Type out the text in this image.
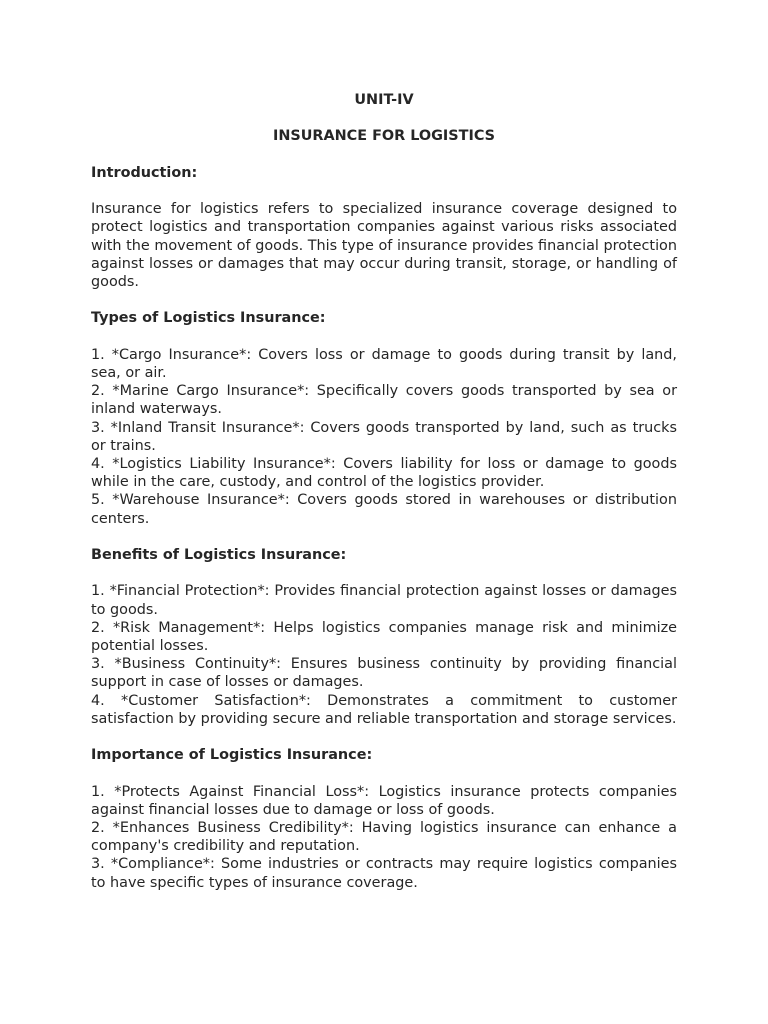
UNIT-IV

INSURANCE FOR LOGISTICS

Introduction:

Insurance for logistics refers to specialized insurance coverage designed to protect logistics and transportation companies against various risks associated with the movement of goods. This type of insurance provides financial protection against losses or damages that may occur during transit, storage, or handling of goods.

Types of Logistics Insurance:

1. *Cargo Insurance*: Covers loss or damage to goods during transit by land, sea, or air.
2. *Marine Cargo Insurance*: Specifically covers goods transported by sea or inland waterways.
3. *Inland Transit Insurance*: Covers goods transported by land, such as trucks or trains.
4. *Logistics Liability Insurance*: Covers liability for loss or damage to goods while in the care, custody, and control of the logistics provider.
5. *Warehouse Insurance*: Covers goods stored in warehouses or distribution centers.

Benefits of Logistics Insurance:

1. *Financial Protection*: Provides financial protection against losses or damages to goods.
2. *Risk Management*: Helps logistics companies manage risk and minimize potential losses.
3. *Business Continuity*: Ensures business continuity by providing financial support in case of losses or damages.
4. *Customer Satisfaction*: Demonstrates a commitment to customer satisfaction by providing secure and reliable transportation and storage services.

Importance of Logistics Insurance:

1. *Protects Against Financial Loss*: Logistics insurance protects companies against financial losses due to damage or loss of goods.
2. *Enhances Business Credibility*: Having logistics insurance can enhance a company's credibility and reputation.
3. *Compliance*: Some industries or contracts may require logistics companies to have specific types of insurance coverage.
